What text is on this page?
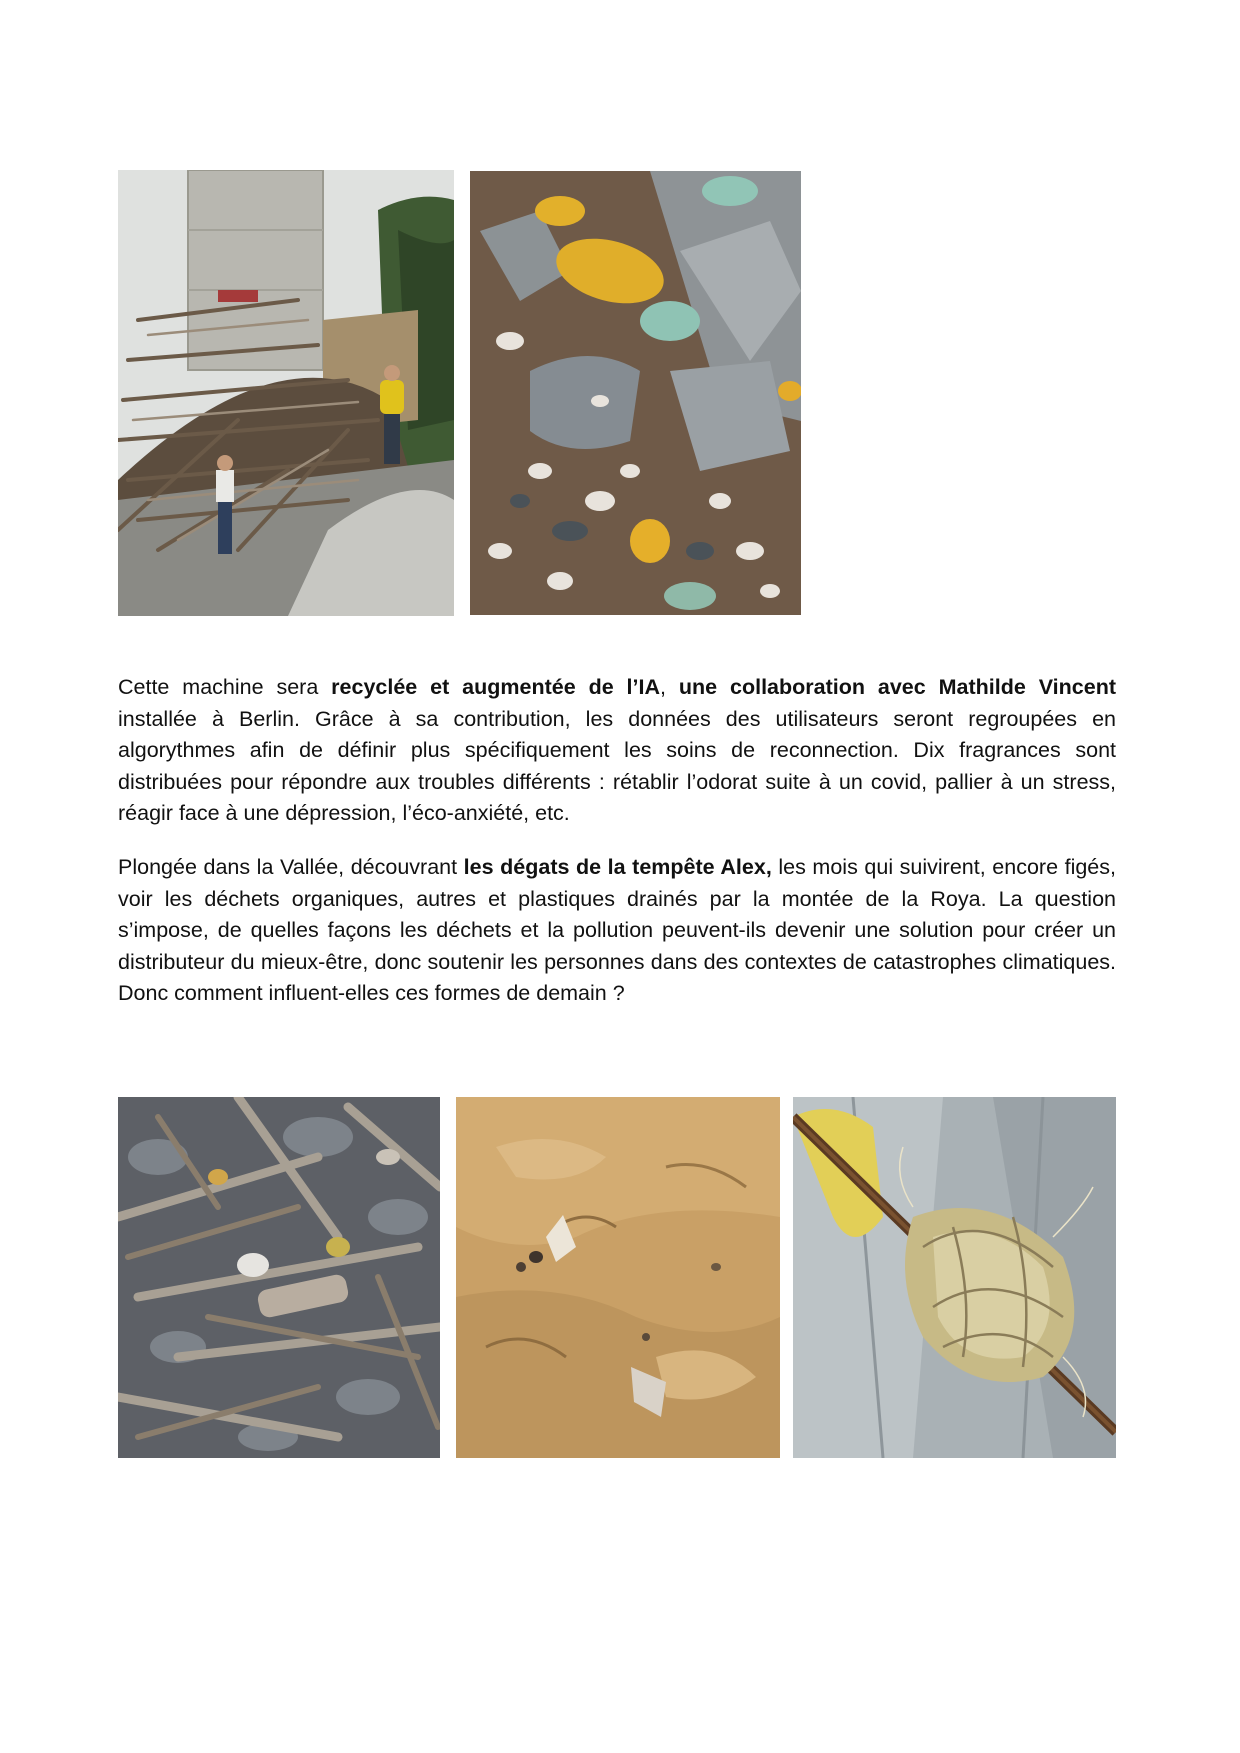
Cette machine sera recyclée et augmentée de l’IA, une collaboration avec Mathilde Vincent installée à Berlin. Grâce à sa contribution, les données des utilisateurs seront regroupées en algorythmes afin de définir plus spécifiquement les soins de reconnection. Dix fragrances sont distribuées pour répondre aux troubles différents : rétablir l’odorat suite à un covid, pallier à un stress, réagir face à une dépression, l’éco-anxiété, etc.

Plongée dans la Vallée, découvrant les dégats de la tempête Alex, les mois qui suivirent, encore figés, voir les déchets organiques, autres et plastiques drainés par la montée de la Roya. La question s’impose, de quelles façons les déchets et la pollution peuvent-ils devenir une solution pour créer un distributeur du mieux-être, donc soutenir les personnes dans des contextes de catastrophes climatiques. Donc comment influent-elles ces formes de demain ?
